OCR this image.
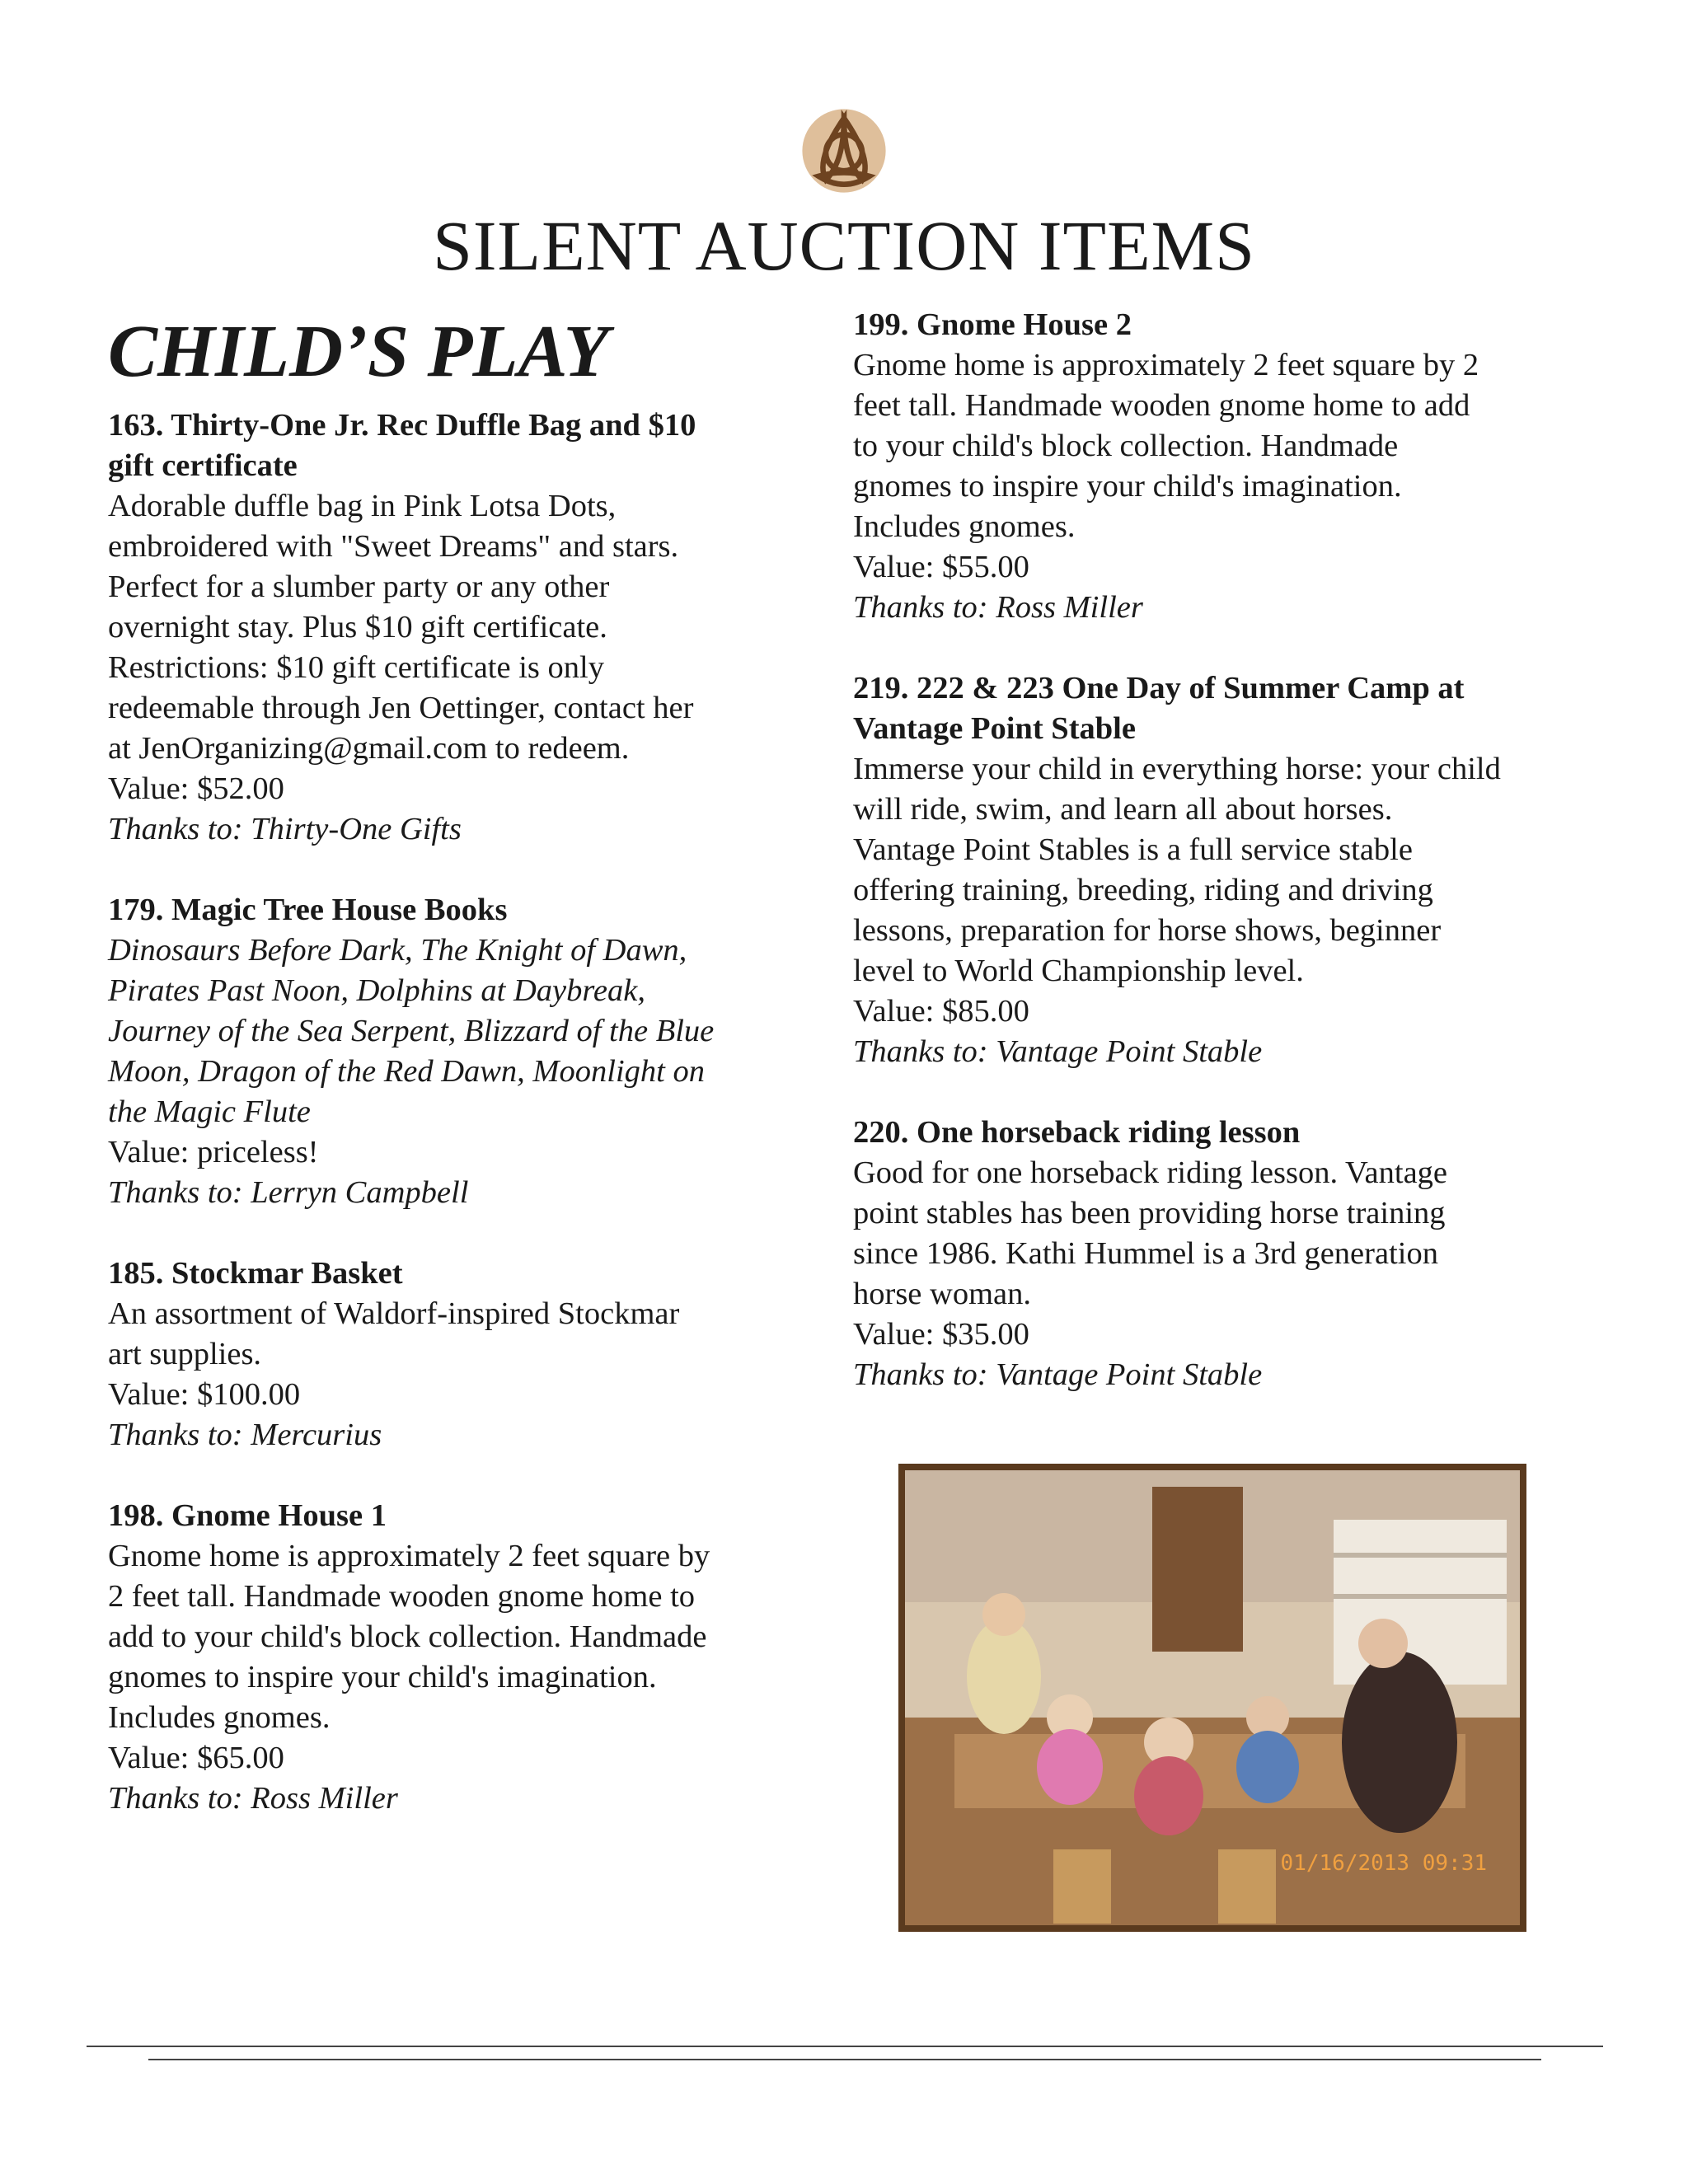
SILENT AUCTION ITEMS
CHILD’S PLAY
163. Thirty-One Jr. Rec Duffle Bag and $10
gift certificate
Adorable duffle bag in Pink Lotsa Dots,
embroidered with "Sweet Dreams" and stars.
Perfect for a slumber party or any other
overnight stay. Plus $10 gift certificate.
Restrictions: $10 gift certificate is only
redeemable through Jen Oettinger, contact her
at JenOrganizing@gmail.com to redeem.
Value: $52.00
Thanks to: Thirty-One Gifts
179. Magic Tree House Books
Dinosaurs Before Dark, The Knight of Dawn,
Pirates Past Noon, Dolphins at Daybreak,
Journey of the Sea Serpent, Blizzard of the Blue
Moon, Dragon of the Red Dawn, Moonlight on
the Magic Flute
Value: priceless!
Thanks to: Lerryn Campbell
185. Stockmar Basket
An assortment of Waldorf-inspired Stockmar
art supplies.
Value: $100.00
Thanks to: Mercurius
198. Gnome House 1
Gnome home is approximately 2 feet square by
2 feet tall. Handmade wooden gnome home to
add to your child's block collection. Handmade
gnomes to inspire your child's imagination.
Includes gnomes.
Value: $65.00
Thanks to: Ross Miller
199. Gnome House 2
Gnome home is approximately 2 feet square by 2
feet tall. Handmade wooden gnome home to add
to your child's block collection. Handmade
gnomes to inspire your child's imagination.
Includes gnomes.
Value: $55.00
Thanks to: Ross Miller
219. 222 & 223 One Day of Summer Camp at
Vantage Point Stable
Immerse your child in everything horse: your child
will ride, swim, and learn all about horses.
Vantage Point Stables is a full service stable
offering training, breeding, riding and driving
lessons, preparation for horse shows, beginner
level to World Championship level.
Value: $85.00
Thanks to: Vantage Point Stable
220. One horseback riding lesson
Good for one horseback riding lesson. Vantage
point stables has been providing horse training
since 1986. Kathi Hummel is a 3rd generation
horse woman.
Value: $35.00
Thanks to: Vantage Point Stable
01/16/2013 09:31
